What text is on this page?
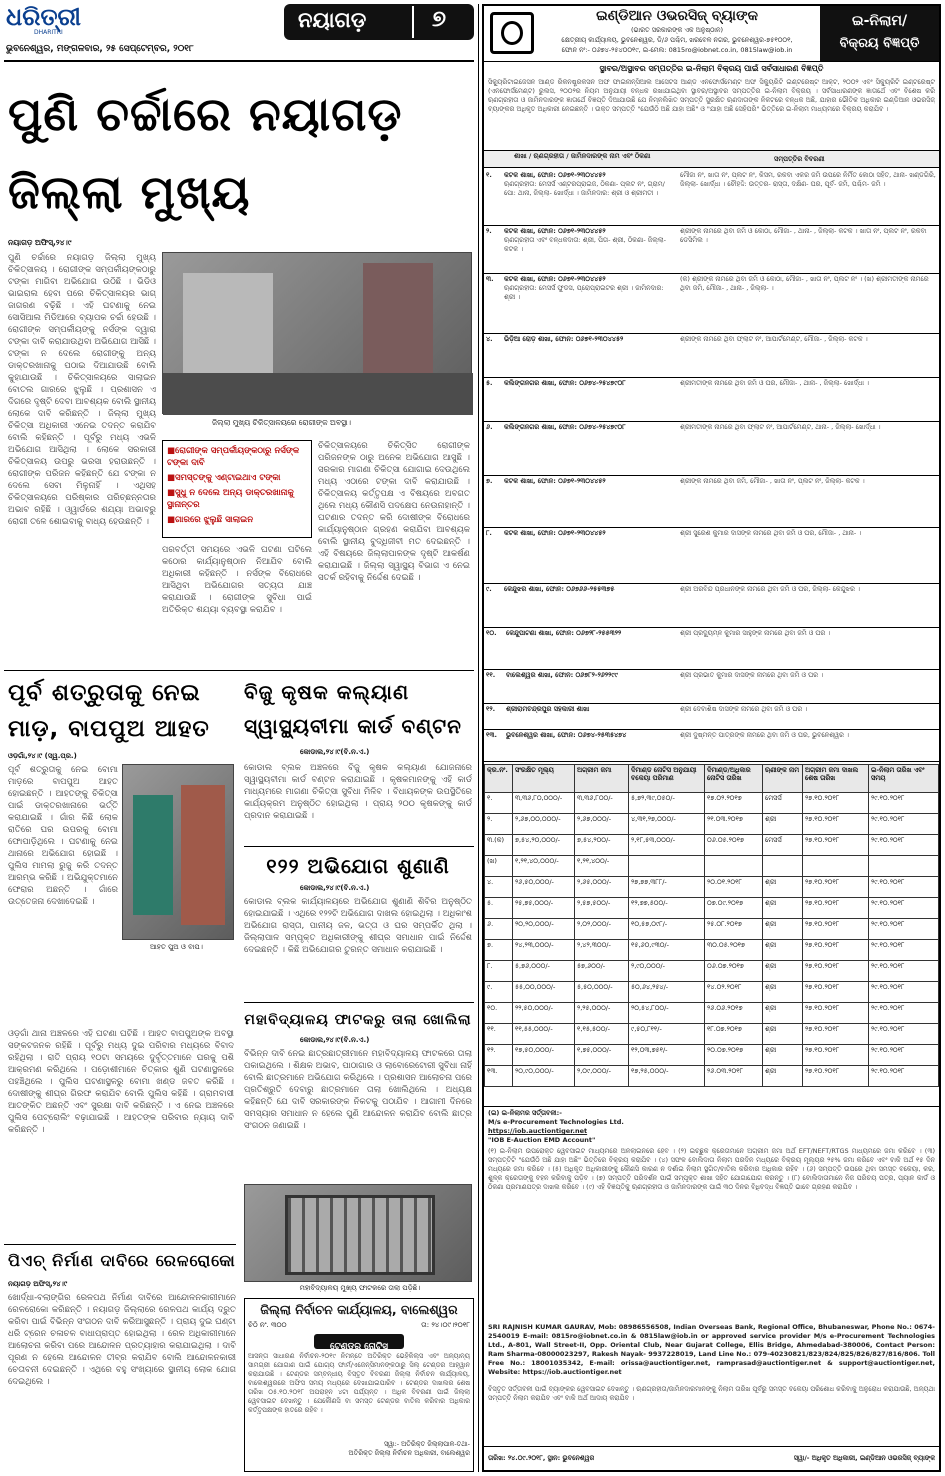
ଧରିତ୍ରୀ
DHARITRI
ନୟାଗଡ଼	୭
ଭୁବନେଶ୍ୱର, ମଙ୍ଗଳବାର, ୨୫ ସେପ୍ଟେମ୍ବର, ୨୦୧୮
ପୁଣି ଚର୍ଚ୍ଚାରେ ନୟାଗଡ଼
ଜିଲ୍ଲା ମୁଖ୍ୟ
ନୟାଗଡ଼ ଅଫିସ୍‌,୨୪।୯
ପୁଣି ଚର୍ଚ୍ଚାରେ ନୟାଗଡ଼ ଜିଲ୍ଲା ମୁଖ୍ୟ ଚିକିତ୍ସାଳୟ । ରୋଗୀଙ୍କ ସମ୍ପର୍କୀୟଙ୍କଠାରୁ ଟଙ୍କା ମାଗିବା ଅଭିଯୋଗ ଉଠିଛି । ଭିଡିଓ ଭାଇରାଲ ହେବା ପରେ ଚିକିତ୍ସାଳୟର ଭାଗ୍ ଜାଗରଣ ବଢ଼ିଛି । ଏହି ଘଟଣାକୁ ନେଇ ସୋସିଆଲ ମିଡିଆରେ ବ୍ୟାପକ ଚର୍ଚ୍ଚା ହେଉଛି । ରୋଗୀଙ୍କ ସମ୍ପର୍କୀୟଙ୍କୁ ନର୍ସଙ୍କ ଦ୍ୱାରା ଟଙ୍କା ଦାବି କରାଯାଉଥିବା ଅଭିଯୋଗ ଆସିଛି । ଟଙ୍କା ନ ଦେଲେ ରୋଗୀଙ୍କୁ ଅନ୍ୟ ଡାକ୍ତରଖାନାକୁ ପଠାଇ ଦିଆଯାଉଛି ବୋଲି କୁହାଯାଉଛି । ଚିକିତ୍ସାଳୟରେ ସାଲାଇନ ବୋତଲ ଗାରରେ ଝୁଲୁଛି । ପ୍ରଶାସନ ଏ ଦିଗରେ ଦୃଷ୍ଟି ଦେବା ଆବଶ୍ୟକ ବୋଲି ସ୍ଥାନୀୟ ଲୋକେ ଦାବି କରିଛନ୍ତି । ଜିଲ୍ଲା ମୁଖ୍ୟ ଚିକିତ୍ସା ଅଧିକାରୀ ଏନେଇ ତଦନ୍ତ କରାଯିବ ବୋଲି କହିଛନ୍ତି । ପୂର୍ବରୁ ମଧ୍ୟ ଏଭଳି ଅଭିଯୋଗ ଆସିଥିଲା । ଲୋକେ ସରକାରୀ ଚିକିତ୍ସାଳୟ ଉପରୁ ଭରସା ହରାଉଛନ୍ତି । ରୋଗୀଙ୍କ ପରିଜନ କହିଛନ୍ତି ଯେ ଟଙ୍କା ନ ଦେଲେ ସେବା ମିଳୁନାହିଁ । ଏଥିସହ ଚିକିତ୍ସାଳୟରେ ପରିଷ୍କାର ପରିଚ୍ଛନ୍ନତାର ଅଭାବ ରହିଛି । ଓ୍ୱାର୍ଡରେ ଶଯ୍ୟା ଅଭାବରୁ ରୋଗୀ ତଳେ ଶୋଇବାକୁ ବାଧ୍ୟ ହେଉଛନ୍ତି ।
ଜିଲ୍ଲା ମୁଖ୍ୟ ଚିକିତ୍ସାଳୟରେ ରୋଗୀଙ୍କ ଅବସ୍ଥା।
■ରୋଗୀଙ୍କ ସମ୍ପର୍କୀୟଙ୍କଠାରୁ ନର୍ସଙ୍କ ଟଙ୍କା ଦାବି
■ସମସ୍ତଙ୍କୁ ଏଣ୍ଟାଇଥାଏ ଟଙ୍କା
■ସୁଧୁ ନ ଦେଲେ ଅନ୍ୟ ଡାକ୍ତରଖାନାକୁ ସ୍ଥାନାନ୍ତର
■ଗାରରେ ଝୁଲୁଛି ସାଲାଇନ
ଚିକିତ୍ସାଳୟରେ ଚିକିତ୍ସିତ ରୋଗୀଙ୍କ ପରିଜନଙ୍କ ଠାରୁ ଅନେକ ଅଭିଯୋଗ ଆସୁଛି । ସରକାର ମାଗଣା ଚିକିତ୍ସା ଯୋଗାଇ ଦେଉଥିଲେ ମଧ୍ୟ ଏଠାରେ ଟଙ୍କା ଦାବି କରାଯାଉଛି । ଚିକିତ୍ସାଳୟ କର୍ତ୍ତୃପକ୍ଷ ଏ ବିଷୟରେ ଅବଗତ ଥିଲେ ମଧ୍ୟ କୌଣସି ପଦକ୍ଷେପ ନେଉନାହାନ୍ତି । ଘଟଣାର ତଦନ୍ତ କରି ଦୋଷୀଙ୍କ ବିରୋଧରେ କାର୍ଯ୍ୟାନୁଷ୍ଠାନ ଗ୍ରହଣ କରାଯିବା ଆବଶ୍ୟକ ବୋଲି ସ୍ଥାନୀୟ ବୁଦ୍ଧିଜୀବୀ ମତ ଦେଇଛନ୍ତି । ଏହି ବିଷୟରେ ଜିଲ୍ଲାପାଳଙ୍କ ଦୃଷ୍ଟି ଆକର୍ଷଣ କରାଯାଇଛି । ଜିଲ୍ଲା ସ୍ୱାସ୍ଥ୍ୟ ବିଭାଗ ଏ ନେଇ ସତର୍କ ରହିବାକୁ ନିର୍ଦ୍ଦେଶ ଦେଇଛି ।
ପରବର୍ତ୍ତୀ ସମୟରେ ଏଭଳି ଘଟଣା ଘଟିଲେ କଠୋର କାର୍ଯ୍ୟାନୁଷ୍ଠାନ ନିଆଯିବ ବୋଲି ଅଧିକାରୀ କହିଛନ୍ତି । ନର୍ସଙ୍କ ବିରୋଧରେ ଆସିଥିବା ଅଭିଯୋଗର ସତ୍ୟତା ଯାଞ୍ଚ କରାଯାଉଛି । ରୋଗୀଙ୍କ ସୁବିଧା ପାଇଁ ଅତିରିକ୍ତ ଶଯ୍ୟା ବ୍ୟବସ୍ଥା କରାଯିବ ।
ପୂର୍ବ ଶତ୍ରୁତାକୁ ନେଇ
ମାଡ଼, ବାପପୁଅ ଆହତ
ଓଡ଼ଗାଁ,୨୪।୯ (ସ୍ୱ.ପ୍ର.)
ପୂର୍ବ ଶତ୍ରୁତାକୁ ନେଇ ବୋମା ମାଡ଼ରେ ବାପପୁଅ ଆହତ ହୋଇଛନ୍ତି । ଆହତଙ୍କୁ ଚିକିତ୍ସା ପାଇଁ ଡାକ୍ତରଖାନାରେ ଭର୍ତ୍ତି କରାଯାଇଛି । ଗାଁର କିଛି ଲୋକ ରାତିରେ ଘର ଉପରକୁ ବୋମା ଫୋପାଡ଼ିଥିଲେ । ଘଟଣାକୁ ନେଇ ଥାନାରେ ଅଭିଯୋଗ ହୋଇଛି । ପୁଲିସ ମାମଲା ରୁଜୁ କରି ତଦନ୍ତ ଆରମ୍ଭ କରିଛି । ଅଭିଯୁକ୍ତମାନେ ଫେରାର ଅଛନ୍ତି । ଗାଁରେ ଉତ୍ତେଜନା ଦେଖାଦେଇଛି ।
ଆହତ ପୁଅ ଓ ବାପ।
ଓଡ଼ଗାଁ ଥାନା ଅଞ୍ଚଳରେ ଏହି ଘଟଣା ଘଟିଛି । ଆହତ ବାପପୁଅଙ୍କ ଅବସ୍ଥା ସଙ୍କଟଜନକ ରହିଛି । ପୂର୍ବରୁ ମଧ୍ୟ ଦୁଇ ପରିବାର ମଧ୍ୟରେ ବିବାଦ ରହିଥିଲା । ରାତି ପ୍ରାୟ ୧୦ଟା ସମୟରେ ଦୁର୍ବୃତ୍ତମାନେ ଘରକୁ ପଶି ଆକ୍ରମଣ କରିଥିଲେ । ପଡ଼ୋଶୀମାନେ ଚିତ୍କାର ଶୁଣି ଘଟଣାସ୍ଥଳରେ ପହଞ୍ଚିଥିଲେ । ପୁଲିସ ଘଟଣାସ୍ଥଳରୁ ବୋମା ଖଣ୍ଡ ଜବତ କରିଛି । ଦୋଷୀଙ୍କୁ ଶୀଘ୍ର ଗିରଫ କରାଯିବ ବୋଲି ପୁଲିସ କହିଛି । ଗ୍ରାମବାସୀ ଆତଙ୍କିତ ଅଛନ୍ତି ଏବଂ ସୁରକ୍ଷା ଦାବି କରିଛନ୍ତି । ଏ ନେଇ ଅଞ୍ଚଳରେ ପୁଲିସ ପେଟ୍ରୋଲିଂ ବଢ଼ାଯାଇଛି । ଆହତଙ୍କ ପରିବାର ନ୍ୟାୟ ଦାବି କରିଛନ୍ତି ।
ପିଏଚ୍‌ ନିର୍ମାଣ ଦାବିରେ ରେଳରୋକୋ
ନୟାଗଡ଼ ଅଫିସ୍‌,୨୪।୯
ଖୋର୍ଦ୍ଧା-ବଲାଙ୍ଗିର ରେଳପଥ ନିର୍ମାଣ ଦାବିରେ ଆନ୍ଦୋଳନକାରୀମାନେ ରେଳରୋକୋ କରିଛନ୍ତି । ନୟାଗଡ଼ ଜିଲ୍ଲାରେ ରେଳପଥ କାର୍ଯ୍ୟ ଦ୍ରୁତ କରିବା ପାଇଁ ବିଭିନ୍ନ ସଂଗଠନ ଦାବି କରିଆସୁଛନ୍ତି । ପ୍ରାୟ ଦୁଇ ଘଣ୍ଟା ଧରି ଟ୍ରେନ ଚଳାଚଳ ବାଧାପ୍ରାପ୍ତ ହୋଇଥିଲା । ରେଳ ଅଧିକାରୀମାନେ ଆଲୋଚନା କରିବା ପରେ ଆନ୍ଦୋଳନ ପ୍ରତ୍ୟାହାର କରାଯାଇଥିଲା । ଦାବି ପୂରଣ ନ ହେଲେ ଆନ୍ଦୋଳନ ତୀବ୍ର କରାଯିବ ବୋଲି ଆନ୍ଦୋଳନକାରୀ ଚେତାବନୀ ଦେଇଛନ୍ତି । ଏଥିରେ ବହୁ ସଂଖ୍ୟାରେ ସ୍ଥାନୀୟ ଲୋକ ଯୋଗ ଦେଇଥିଲେ ।
ବିଜୁ କୃଷକ କଲ୍ୟାଣ
ସ୍ୱାସ୍ଥ୍ୟବୀମା କାର୍ଡ ବଣ୍ଟନ
କୋଡାଲ,୨୪।୯(ବି.ନ.ଏ.)
କୋଡାଲ ବ୍ଲକ ଅଞ୍ଚଳରେ ବିଜୁ କୃଷକ କଲ୍ୟାଣ ଯୋଜନାରେ ସ୍ୱାସ୍ଥ୍ୟବୀମା କାର୍ଡ ବଣ୍ଟନ କରାଯାଇଛି । କୃଷକମାନଙ୍କୁ ଏହି କାର୍ଡ ମାଧ୍ୟମରେ ମାଗଣା ଚିକିତ୍ସା ସୁବିଧା ମିଳିବ । ବିଧାୟକଙ୍କ ଉପସ୍ଥିତିରେ କାର୍ଯ୍ୟକ୍ରମ ଅନୁଷ୍ଠିତ ହୋଇଥିଲା । ପ୍ରାୟ ୨୦୦ କୃଷକଙ୍କୁ କାର୍ଡ ପ୍ରଦାନ କରାଯାଇଛି ।
୧୨୨ ଅଭିଯୋଗ ଶୁଣାଣି
କୋଡାଲ,୨୪।୯(ବି.ନ.ଏ.)
କୋଡାଲ ବ୍ଲକ କାର୍ଯ୍ୟାଳୟରେ ଅଭିଯୋଗ ଶୁଣାଣି ଶିବିର ଅନୁଷ୍ଠିତ ହୋଇଯାଇଛି । ଏଥିରେ ୧୨୨ଟି ଅଭିଯୋଗ ଦାଖଲ ହୋଇଥିଲା । ଅଧିକାଂଶ ଅଭିଯୋଗ ରାସ୍ତା, ପାନୀୟ ଜଳ, ଭତ୍ତା ଓ ଘର ସମ୍ପର୍କିତ ଥିଲା । ଜିଲ୍ଲାପାଳ ସମ୍ପୃକ୍ତ ଅଧିକାରୀଙ୍କୁ ଶୀଘ୍ର ସମାଧାନ ପାଇଁ ନିର୍ଦ୍ଦେଶ ଦେଇଛନ୍ତି । କିଛି ଅଭିଯୋଗର ତୁରନ୍ତ ସମାଧାନ କରାଯାଇଛି ।
ମହାବିଦ୍ୟାଳୟ ଫାଟକରୁ ତାଲା ଖୋଲିଲା
କୋଡାଲ,୨୪।୯(ବି.ନ.ଏ.)
ବିଭିନ୍ନ ଦାବି ନେଇ ଛାତ୍ରଛାତ୍ରୀମାନେ ମହାବିଦ୍ୟାଳୟ ଫାଟକରେ ତାଲା ପକାଇଥିଲେ । ଶିକ୍ଷକ ଅଭାବ, ପାଠାଗାର ଓ ଲାବୋରେଟୋରୀ ସୁବିଧା ନାହିଁ ବୋଲି ଛାତ୍ରମାନେ ଅଭିଯୋଗ କରିଥିଲେ । ପ୍ରଶାସନ ଆଲୋଚନା ପରେ ପ୍ରତିଶ୍ରୁତି ଦେବାରୁ ଛାତ୍ରମାନେ ତାଲା ଖୋଲିଥିଲେ । ଅଧ୍ୟକ୍ଷ କହିଛନ୍ତି ଯେ ଦାବି ସରକାରଙ୍କ ନିକଟକୁ ପଠାଯିବ । ଆଗାମୀ ଦିନରେ ସମସ୍ୟାର ସମାଧାନ ନ ହେଲେ ପୁଣି ଆନ୍ଦୋଳନ କରାଯିବ ବୋଲି ଛାତ୍ର ସଂଗଠନ ଜଣାଇଛି ।
ମହାବିଦ୍ୟାଳୟ ମୁଖ୍ୟ ଫାଟକରେ ତାଲା ପଡ଼ିଛି।
ଜିଲ୍ଲା ନିର୍ବାଚନ କାର୍ଯ୍ୟାଳୟ, ବାଲେଶ୍ୱର
ଚିଠି ନଂ. ୩୦୦	ତା: ୨୪।୦୯।୨୦୧୮
ଟେଣ୍ଡର ନୋଟିସ
ଆସନ୍ତା ସାଧାରଣ ନିର୍ବାଚନ-୨୦୧୯ ନିମନ୍ତେ ଅତିରିକ୍ତ ଭେହିକିଲ୍‌ସ ଏବଂ ଅନ୍ୟାନ୍ୟ ସାମଗ୍ରୀ ଯୋଗାଣ ପାଇଁ ଯୋଗ୍ୟ ଫାର୍ମ/ଏଜେନ୍‌ସିମାନଙ୍କଠାରୁ ସିଲ୍‌ ଟେଣ୍ଡର ଆହ୍ୱାନ କରାଯାଉଛି । ଟେଣ୍ଡର ସମ୍ବନ୍ଧୀୟ ବିସ୍ତୃତ ବିବରଣୀ ଜିଲ୍ଲା ନିର୍ବାଚନ କାର୍ଯ୍ୟାଳୟ, ବାଲେଶ୍ୱରରେ ଅଫିସ ସମୟ ମଧ୍ୟରେ ଦେଖାଯାଇପାରିବ । ଟେଣ୍ଡର ଦାଖଲର ଶେଷ ତାରିଖ ୦୫.୧୦.୨୦୧୮ ଅପରାହ୍ନ ୪ଟା ପର୍ଯ୍ୟନ୍ତ । ଅଧିକ ବିବରଣୀ ପାଇଁ ଜିଲ୍ଲା ୱେବସାଇଟ ଦେଖନ୍ତୁ । ଯେକୌଣସି ବା ସମସ୍ତ ଟେଣ୍ଡର ବାତିଲ କରିବାର ଅଧିକାର କର୍ତ୍ତୃପକ୍ଷଙ୍କ ହାତରେ ରହିବ ।
ସ୍ୱା:- ଅତିରିକ୍ତ ଜିଲ୍ଲାପାଳ-ତଥା-
ଅତିରିକ୍ତ ଜିଲ୍ଲା ନିର୍ବାଚନ ଅଧିକାରୀ, ବାଲେଶ୍ୱର
ଇଣ୍ଡିଆନ ଓଭରସିଜ୍‌ ବ୍ୟାଙ୍କ
(ଭାରତ ସରକାରଙ୍କ ଏକ ଅନୁଷ୍ଠାନ)
କ୍ଷେତ୍ରୀୟ କାର୍ଯ୍ୟାଳୟ, ଭୁବନେଶ୍ୱର, ଡି/୬ ପଶ୍ଚିମ, ଖରବେଳ ନଗର, ଭୁବନେଶ୍ୱର-୭୫୧୦୦୧,
ଫୋନ ନଂ:- ୦୬୭୪-୨୫୪୦୦୧୯, ଇ-ମେଲ: 0815ro@iobnet.co.in, 0815law@iob.in
ଇ-ନିଲାମ/
ବିକ୍ରୟ ବିଜ୍ଞପ୍ତି
ସ୍ଥାବର/ଅସ୍ଥାବର ସମ୍ପତ୍ତିର ଇ-ନିଲାମ ବିକ୍ରୟ ପାଇଁ ସର୍ବସାଧାରଣ ବିଜ୍ଞପ୍ତି
ସିକ୍ୟୁରିଟାଇଜେସନ ଆଣ୍ଡ ରିକନଷ୍ଟ୍ରକସନ ଅଫ ଫାଇନାନ୍ସିଆଲ ଆସେଟସ ଆଣ୍ଡ ଏନଫୋର୍ସମେଣ୍ଟ ଅଫ ସିକ୍ୟୁରିଟି ଇଣ୍ଟରେଷ୍ଟ ଆକ୍ଟ, ୨୦୦୨ ଏବଂ ସିକ୍ୟୁରିଟି ଇଣ୍ଟରେଷ୍ଟ (ଏନଫୋର୍ସମେଣ୍ଟ) ରୁଲସ, ୨୦୦୨ର ନିୟମ ଅନୁଯାୟୀ ବନ୍ଧକ ରଖାଯାଇଥିବା ସ୍ଥାବର/ଅସ୍ଥାବର ସମ୍ପତ୍ତିର ଇ-ନିଲାମ ବିକ୍ରୟ । ସର୍ବସାଧାରଣଙ୍କ ଜ୍ଞାତାର୍ଥେ ଏବଂ ବିଶେଷ କରି ଋଣଗ୍ରହୀତା ଓ ଜାମିନଦାରଙ୍କ ଜ୍ଞାତାର୍ଥେ ବିଜ୍ଞପ୍ତି ଦିଆଯାଉଛି ଯେ ନିମ୍ନଲିଖିତ ସମ୍ପତ୍ତି ସୁରକ୍ଷିତ ଋଣଦାତାଙ୍କ ନିକଟରେ ବନ୍ଧକ ଅଛି, ଯାହାର ଭୌତିକ ଅଧିକାର ଇଣ୍ଡିଆନ ଓଭରସିଜ୍ ବ୍ୟାଙ୍କର ଅଧିକୃତ ଅଧିକାରୀ ନେଇଛନ୍ତି । ଉକ୍ତ ସମ୍ପତ୍ତି "ଯେଉଁଠି ଅଛି ଯାହା ଅଛି" ଓ "ଯାହା ଅଛି ସେହିପରି" ଭିତ୍ତିରେ ଇ-ନିଲାମ ମାଧ୍ୟମରେ ବିକ୍ରୟ କରାଯିବ ।
ଶାଖା / ଋଣଗ୍ରହୀତା / ଜାମିନଦାରଙ୍କ ନାମ ଏବଂ ଠିକଣା	ସମ୍ପତ୍ତିର ବିବରଣୀ
୧. କଟକ ଶାଖା, ଫୋନ: ୦୬୭୧-୨୩୦୪୪୫୨
ଋଣଗ୍ରହୀତା: ମେସର୍ସ ଏଣ୍ଟରପ୍ରାଇଜ, ଠିକଣା- ପ୍ଲଟ ନଂ, ଗ୍ରାମ/ପୋ: ଥାନା, ଜିଲ୍ଲା- ଖୋର୍ଦ୍ଧା । ଜାମିନଦାର: ଶ୍ରୀ ଓ ଶ୍ରୀମତୀ ।
ମୌଜା ନଂ, ଖାତା ନଂ, ପ୍ଲଟ ନଂ, କିସମ, ରକବା ଏକର ଜମି ଉପରେ ନିର୍ମିତ କୋଠା ସହିତ, ଥାନା- ଖଣ୍ଡଗିରି, ଜିଲ୍ଲା- ଖୋର୍ଦ୍ଧା । ଚୌହଦ୍ଦି: ଉତ୍ତର- ରାସ୍ତା, ଦକ୍ଷିଣ- ଘର, ପୂର୍ବ- ଜମି, ପଶ୍ଚିମ- ଜମି ।
୨. କଟକ ଶାଖା, ଫୋନ: ୦୬୭୧-୨୩୦୪୪୫୨
ଋଣଗ୍ରହୀତା ଏବଂ ବନ୍ଧକଦାତା: ଶ୍ରୀ, ପିତା- ଶ୍ରୀ, ଠିକଣା- ଜିଲ୍ଲା- କଟକ ।
ଶ୍ରୀଙ୍କ ନାମରେ ଥିବା ଜମି ଓ କୋଠା, ମୌଜା- , ଥାନା- , ଜିଲ୍ଲା- କଟକ । ଖାତା ନଂ, ପ୍ଲଟ ନଂ, ରକବା ଡେସିମିଲ ।
୩. କଟକ ଶାଖା, ଫୋନ: ୦୬୭୧-୨୩୦୪୪୫୨
ଋଣଗ୍ରହୀତା: ମେସର୍ସ ଫୁଡସ, ପ୍ରୋପ୍ରାଇଟର ଶ୍ରୀ । ଜାମିନଦାର: ଶ୍ରୀ ।
(କ) ଶ୍ରୀଙ୍କ ନାମରେ ଥିବା ଜମି ଓ କୋଠା, ମୌଜା- , ଖାତା ନଂ, ପ୍ଲଟ ନଂ । (ଖ) ଶ୍ରୀମତୀଙ୍କ ନାମରେ ଥିବା ଜମି, ମୌଜା- , ଥାନା- , ଜିଲ୍ଲା- ।
୪. ଭିଡ଼ିଆ ରୋଡ଼ ଶାଖା, ଫୋନ: ୦୬୭୧-୨୩୦୪୪୫୨	ଶ୍ରୀଙ୍କ ନାମରେ ଥିବା ଫ୍ଲାଟ ନଂ, ଆପାର୍ଟମେଣ୍ଟ, ମୌଜା- , ଜିଲ୍ଲା- କଟକ ।
୫. କଲିଙ୍ଗନଗର ଶାଖା, ଫୋନ: ୦୬୭୪-୨୫୪୭୯୦୮	ଶ୍ରୀମତୀଙ୍କ ନାମରେ ଥିବା ଜମି ଓ ଘର, ମୌଜା- , ଥାନା- , ଜିଲ୍ଲା- ଖୋର୍ଦ୍ଧା ।
୬. କଲିଙ୍ଗନଗର ଶାଖା, ଫୋନ: ୦୬୭୪-୨୫୪୭୯୦୮	ଶ୍ରୀମତୀଙ୍କ ନାମରେ ଥିବା ଫ୍ଲାଟ ନଂ, ଆପାର୍ଟମେଣ୍ଟ, ଥାନା- , ଜିଲ୍ଲା- ଖୋର୍ଦ୍ଧା ।
୭. କଟକ ଶାଖା, ଫୋନ: ୦୬୭୧-୨୩୦୪୪୫୨	ଶ୍ରୀଙ୍କ ନାମରେ ଥିବା ଜମି, ମୌଜା- , ଖାତା ନଂ, ପ୍ଲଟ ନଂ, ଜିଲ୍ଲା- କଟକ ।
୮. କଟକ ଶାଖା, ଫୋନ: ୦୬୭୧-୨୩୦୪୪୫୨	ଶ୍ରୀ ସୁରେଶ କୁମାର ଦାସଙ୍କ ନାମରେ ଥିବା ଜମି ଓ ଘର, ମୌଜା- , ଥାନା- ।
୯. କେନ୍ଦୁଝର ଶାଖା, ଫୋନ: ୦୬୭୬୬-୨୫୫୩୭୫	ଶ୍ରୀ ଅରବିନ୍ଦ ପ୍ରଧାନଙ୍କ ନାମରେ ଥିବା ଜମି ଓ ଘର, ଜିଲ୍ଲା- କେନ୍ଦୁଝର ।
୧୦. କେନ୍ଦୁପାଟଣା ଶାଖା, ଫୋନ: ୦୬୭୨୮-୨୫୫୩୨୨	ଶ୍ରୀ ପ୍ରଦ୍ୟୁମ୍ନ କୁମାର ସାହୁଙ୍କ ନାମରେ ଥିବା ଜମି ଓ ଘର ।
୧୧. ବାଲେଶ୍ୱର ଶାଖା, ଫୋନ: ୦୬୭୮୨-୨୬୨୨୯୯	ଶ୍ରୀ ପ୍ରଭାତ କୁମାର ଦାସଙ୍କ ନାମରେ ଥିବା ଜମି ଓ ଘର ।
୧୨. ଶ୍ରୀରାମଚନ୍ଦ୍ରପୁର ସହକାରୀ ଶାଖା	ଶ୍ରୀ ଦେବାଶିଷ ଦାସଙ୍କ ନାମରେ ଥିବା ଜମି ଓ ଘର ।
୧୩. ଭୁବନେଶ୍ୱର ଶାଖା, ଫୋନ: ୦୬୭୪-୨୫୩୫୪୭୪	ଶ୍ରୀ ଦୁଷ୍ମନ୍ତ ପାତ୍ରଙ୍କ ନାମରେ ଥିବା ଜମି ଓ ଘର, ଭୁବନେଶ୍ୱର ।
କ୍ର.ନଂ.	ସଂରକ୍ଷିତ ମୂଲ୍ୟ	ଅଗ୍ରୀମ ଜମା	ଦିମାଣ୍ଡ ନୋଟିସ ଅନୁଯାୟୀ ବକେୟା ପରିମାଣ	ଦିମାଣ୍ଡ/ଅଧିକାର ନୋଟିସ ତାରିଖ	ଋଣୀଙ୍କ ନାମ	ଅଗ୍ରୀମ ଜମା ଦାଖଲ ଶେଷ ତାରିଖ	ଇ-ନିଲାମ ତାରିଖ ଏବଂ ସମୟ
୧.	୩,୩୬,୮୦,୦୦୦/-	୩,୩୬,୮୦୦/-	୫,୭୨,୩୯,୦୫୦/-	୧୭.୦୨.୨୦୧୭	ମେସର୍ସ	୨୭.୧୦.୨୦୧୮	୨୯.୧୦.୨୦୧୮
୨.	୨,୬୭,୦୦,୦୦୦/-	୨,୬୭,୦୦୦/-	୪,୩୧,୨୭,୦୦୦/-	୨୧.୦୩.୨୦୧୭	ଶ୍ରୀ	୨୭.୧୦.୨୦୧୮	୨୯.୧୦.୨୦୧୮
୩.(କ)	୭,୫୪,୨୦,୦୦୦/-	୭,୫୪,୨୦୦/-	୨,୧୮,୫୩,୦୦୦/-	୦୬.୦୫.୨୦୧୭	ମେସର୍ସ	୨୭.୧୦.୨୦୧୮	୨୯.୧୦.୨୦୧୮
(ଖ)	୧,୨୧,୪୦,୦୦୦/-	୧,୨୧,୪୦୦/-					
୪.	୨୬,୫୦,୦୦୦/-	୨,୬୫,୦୦୦/-	୨୭,୭୭,୩୮୮/-	୨୦.୦୧.୨୦୧୮	ଶ୍ରୀ	୨୭.୧୦.୨୦୧୮	୨୯.୧୦.୨୦୧୮
୫.	୨୫,୭୫,୦୦୦/-	୨,୫୭,୫୦୦/-	୧୨,୭୭,୫୦୦/-	୦୭.୦୯.୨୦୧୭	ଶ୍ରୀ	୨୭.୧୦.୨୦୧୮	୨୯.୧୦.୨୦୧୮
୬.	୨୦,୨୦,୦୦୦/-	୨,୦୨,୦୦୦/-	୧୦,୫୭,୦୯୮/-	୨୫.୦୮.୨୦୧୭	ଶ୍ରୀ	୨୭.୧୦.୨୦୧୮	୨୯.୧୦.୨୦୧୮
୭.	୨୪,୨୩,୦୦୦/-	୨,୪୨,୩୦୦/-	୧୫,୬୦,୯୩୦/-	୩୦.୦୫.୨୦୧୭	ଶ୍ରୀ	୨୭.୧୦.୨୦୧୮	୨୯.୧୦.୨୦୧୮
୮.	୫,୭୬,୦୦୦/-	୫୭,୬୦୦/-	୨,୯୦,୦୦୦/-	୦୬.୦୭.୨୦୧୭	ଶ୍ରୀ	୨୭.୧୦.୨୦୧୮	୨୯.୧୦.୨୦୧୮
୯.	୫୫,୦୦,୦୦୦/-	୫,୫୦,୦୦୦/-	୫୦,୬୪,୨୫୪/-	୧୪.୦୨.୨୦୧୮	ଶ୍ରୀ	୨୭.୧୦.୨୦୧୮	୨୯.୧୦.୨୦୧୮
୧୦.	୨୨,୫୦,୦୦୦/-	୨,୨୫,୦୦୦/-	୨୦,୫୪,୮୦୦/-	୨୬.୦୬.୨୦୧୭	ଶ୍ରୀ	୨୭.୧୦.୨୦୧୮	୨୯.୧୦.୨୦୧୮
୧୧.	୧୧,୫୫,୦୦୦/-	୧,୧୫,୫୦୦/-	୯,୫୦,୮୧୧/-	୧୮.୦୭.୨୦୧୭	ଶ୍ରୀ	୨୭.୧୦.୨୦୧୮	୨୯.୧୦.୨୦୧୮
୧୨.	୧୭,୫୦,୦୦୦/-	୧,୭୫,୦୦୦/-	୧୨,୦୩,୭୫୧/-	୨୦.୦୭.୨୦୧୭	ଶ୍ରୀ	୨୭.୧୦.୨୦୧୮	୨୯.୧୦.୨୦୧୮
୧୩.	୨୦,୯୦,୦୦୦/-	୨,୦୯,୦୦୦/-	୧୭,୨୫,୦୦୦/-	୨୬.୦୩.୨୦୧୮	ଶ୍ରୀ	୨୭.୧୦.୨୦୧୮	୨୯.୧୦.୨୦୧୮
(ଇ) ଇ-ନିଲାମର ସର୍ତ୍ତାବଳୀ:-
M/s e-Procurement Technologies Ltd.
https://iob.auctiontiger.net
"IOB E-Auction EMD Account"
(୧) ଇ-ନିଲାମ ଉପରୋକ୍ତ ୱେବସାଇଟ ମାଧ୍ୟମରେ ଅନଲାଇନରେ ହେବ । (୨) ଇଚ୍ଛୁକ କ୍ରେତାମାନେ ଅଗ୍ରୀମ ଜମା ଅର୍ଥ EFT/NEFT/RTGS ମାଧ୍ୟମରେ ଜମା କରିବେ । (୩) ସମ୍ପତ୍ତିଟି "ଯେଉଁଠି ଅଛି ଯାହା ଅଛି" ଭିତ୍ତିରେ ବିକ୍ରୟ କରାଯିବ । (୪) ସଫଳ ବୋଲିଦାତା ନିଲାମ ପରଦିନ ମଧ୍ୟରେ ବିକ୍ରୟ ମୂଲ୍ୟର ୨୫% ଜମା କରିବେ ଏବଂ ବାକି ଅର୍ଥ ୧୫ ଦିନ ମଧ୍ୟରେ ଜମା କରିବେ । (୫) ଅଧିକୃତ ଅଧିକାରୀଙ୍କୁ କୌଣସି କାରଣ ନ ଦର୍ଶାଇ ନିଲାମ ସ୍ଥଗିତ/ବାତିଲ କରିବାର ଅଧିକାର ରହିବ । (୬) ସମ୍ପତ୍ତି ଉପରେ ଥିବା ସମସ୍ତ ବକେୟା, କର, ଶୁଳ୍କ କ୍ରେତାଙ୍କୁ ବହନ କରିବାକୁ ପଡ଼ିବ । (୭) ସମ୍ପତ୍ତି ପରିଦର୍ଶନ ପାଇଁ ସମ୍ପୃକ୍ତ ଶାଖା ସହିତ ଯୋଗାଯୋଗ କରନ୍ତୁ । (୮) ବୋଲିଦାତାମାନେ ନିଜ ପରିଚୟ ପତ୍ର, ପ୍ୟାନ କାର୍ଡ ଓ ଠିକଣା ପ୍ରମାଣପତ୍ର ଦାଖଲ କରିବେ । (୯) ଏହି ବିଜ୍ଞପ୍ତିକୁ ଋଣଗ୍ରହୀତା ଓ ଜାମିନଦାରଙ୍କ ପାଇଁ ୩୦ ଦିନର ବିଧିବଦ୍ଧ ବିଜ୍ଞପ୍ତି ଭାବେ ଗ୍ରହଣ କରାଯିବ ।
SRI RAJNISH KUMAR GAURAV, Mob: 08986556508, Indian Overseas Bank, Regional Office, Bhubaneswar, Phone No.: 0674-2540019 E-mail: 0815ro@iobnet.co.in & 0815law@iob.in or approved service provider M/s e-Procurement Technologies Ltd., A-801, Wall Street-II, Opp. Oriental Club, Near Gujarat College, Ellis Bridge, Ahmedabad-380006, Contact Person: Ram Sharma-08000023297, Rakesh Nayak- 9937228019, Land Line No.: 079-40230821/823/824/825/826/827/816/806. Toll Free No.: 18001035342, E-mail: orissa@auctiontiger.net, ramprasad@auctiontiger.net & support@auctiontiger.net, Website: https://iob.auctiontiger.net
ବିସ୍ତୃତ ସର୍ତ୍ତାବଳୀ ପାଇଁ ବ୍ୟାଙ୍କର ୱେବସାଇଟ ଦେଖନ୍ତୁ । ଋଣଗ୍ରହୀତା/ଜାମିନଦାରମାନଙ୍କୁ ନିଲାମ ତାରିଖ ପୂର୍ବରୁ ସମସ୍ତ ବକେୟା ପରିଶୋଧ କରିବାକୁ ଅନୁରୋଧ କରାଯାଉଛି, ଅନ୍ୟଥା ସମ୍ପତ୍ତି ନିଲାମ କରାଯିବ ଏବଂ ବାକି ଅର୍ଥ ଆଦାୟ କରାଯିବ ।
ତାରିଖ: ୨୪.୦୯.୨୦୧୮, ସ୍ଥାନ: ଭୁବନେଶ୍ୱର	ସ୍ୱା/- ଅଧିକୃତ ଅଧିକାରୀ, ଇଣ୍ଡିଆନ ଓଭରସିଜ୍ ବ୍ୟାଙ୍କ
